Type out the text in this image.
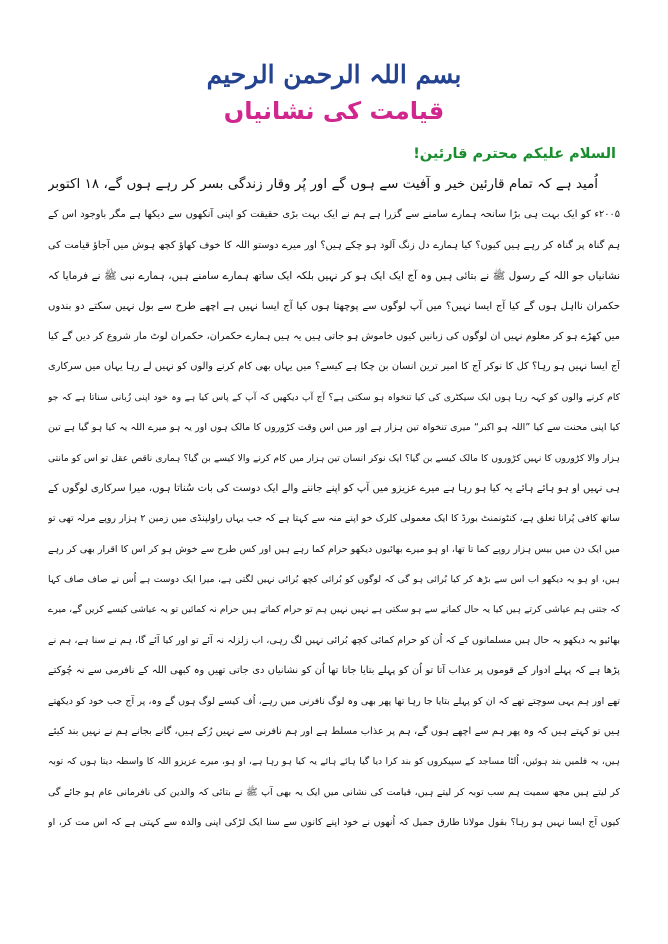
بسم اللہ الرحمن الرحیم
قیامت کی نشانیاں
السلام علیکم محترم قارئین!
اُمید ہے کہ تمام قارئین خیر و آفیت سے ہوں گے اور پُر وقار زندگی بسر کر رہے ہوں گے، ۱۸ اکتوبر
۲۰۰۵ء کو ایک بہت ہی بڑا سانحہ ہمارے سامنے سے گزرا ہے ہم نے ایک بہت بڑی حقیقت کو اپنی آنکھوں سے دیکھا ہے مگر باوجود اس کے
ہم گناہ پر گناہ کر رہے ہیں کیوں؟ کیا ہمارے دل زنگ آلود ہو چکے ہیں؟ اور میرے دوستو اللہ کا خوف کھاؤ کچھ ہوش میں آجاؤ قیامت کی
نشانیاں جو اللہ کے رسول ﷺ نے بتائی ہیں وہ آج ایک ایک ہو کر نہیں بلکہ ایک ساتھ ہمارے سامنے ہیں، ہمارے نبی ﷺ نے فرمایا کہ
حکمران نااہل ہوں گے کیا آج ایسا نہیں؟ میں آپ لوگوں سے پوچھتا ہوں کیا آج ایسا نہیں ہے اچھے طرح سے بول نہیں سکتے دو بندوں
میں کھڑے ہو کر معلوم نہیں ان لوگوں کی زبانیں کیوں خاموش ہو جاتی ہیں یہ ہیں ہمارے حکمران، حکمران لوٹ مار شروع کر دیں گے کیا
آج ایسا نہیں ہو رہا؟ کل کا نوکر آج کا امیر ترین انسان بن چکا ہے کیسے؟ میں یہاں بھی کام کرنے والوں کو نہیں لے رہا یہاں میں سرکاری
کام کرنے والوں کو کہہ رہا ہوں ایک سیکٹری کی کیا تنخواہ ہو سکتی ہے؟ آج آپ دیکھیں کہ آپ کے پاس کیا ہے وہ خود اپنی زُبانی سناتا ہے کہ جو
کیا اپنی محنت سے کیا ”اللہ ہو اکبر“ میری تنخواہ تین ہزار ہے اور میں اس وقت کڑوروں کا مالک ہوں اور یہ ہو میرے اللہ یہ کیا ہو گیا ہے تین
ہزار والا کڑوروں کا نہیں کڑوروں کا مالک کیسے بن گیا؟ ایک نوکر انسان تین ہزار میں کام کرنے والا کیسے بن گیا؟ ہماری ناقص عقل تو اس کو مانتی
ہی نہیں او ہو ہائے ہائے یہ کیا ہو رہا ہے میرے عزیزو میں آپ کو اپنے جاننے والے ایک دوست کی بات سُناتا ہوں، میرا سرکاری لوگوں کے
ساتھ کافی پُرانا تعلق ہے، کنٹونمنٹ بورڈ کا ایک معمولی کلرک خو اپنے منہ سے کہتا ہے کہ جب یہاں راولپنڈی میں زمین ۲ ہزار روپے مرلہ تھی تو
میں ایک دن میں بیس ہزار روپے کما تا تھا، او ہو میرے بھائیوں دیکھو حرام کما رہے ہیں اور کس طرح سے خوش ہو کر اس کا اقرار بھی کر رہے
ہیں، او ہو یہ دیکھو اب اس سے بڑھ کر کیا بُرائی ہو گی کہ لوگوں کو بُرائی کچھ بُرائی نہیں لگتی ہے، میرا ایک دوست ہے اُس نے صاف صاف کہا
کہ جتنی ہم عیاشی کرتے ہیں کیا یہ حال کمانے سے ہو سکتی ہے نہیں نہیں ہم تو حرام کماتے ہیں حرام نہ کمائیں تو یہ عیاشی کیسے کریں گے، میرے
بھائیو یہ دیکھو یہ حال ہیں مسلمانوں کے کہ اُن کو حرام کمائی کچھ بُرائی نہیں لگ رہی، اب زلزلہ نہ آئے تو اور کیا آئے گا، ہم نے سنا ہے، ہم نے
پڑھا ہے کہ پہلے ادوار کے قوموں پر عذاب آتا تو اُن کو پہلے بتایا جاتا تھا اُن کو نشانیاں دی جاتی تھیں وہ کبھی اللہ کے نافرمی سے نہ چُوکتے
تھے اور ہم یہی سوچتے تھے کہ ان کو پہلے بتایا جا رہا تھا پھر بھی وہ لوگ نافرنی میں رہے، اُف کیسے لوگ ہوں گے وہ، پر آج جب خود کو دیکھتے
ہیں تو کہتے ہیں کہ وہ پھر ہم سے اچھے ہوں گے، ہم پر عذاب مسلط ہے اور ہم نافرنی سے نہیں رُکے ہیں، گانے بجانے ہم نے نہیں بند کیئے
ہیں، یہ فلمیں بند ہوئیں، اُلٹا مساجد کے سپیکروں کو بند کرا دیا گیا ہائے ہائے یہ کیا ہو رہا ہے، او ہو، میرے عزیزو اللہ کا واسطہ دیتا ہوں کہ توبہ
کر لیتے ہیں مجھ سمیت ہم سب توبہ کر لیتے ہیں، قیامت کی نشانی میں ایک یہ بھی آپ ﷺ نے بتائی کہ والدین کی نافرمانی عام ہو جائے گی
کیوں آج ایسا نہیں ہو رہا؟ بقول مولانا طارق جمیل کہ اُنھوں نے خود اپنے کانوں سے سنا ایک لڑکی اپنی والدہ سے کہتی ہے کہ اس مت کر، او
